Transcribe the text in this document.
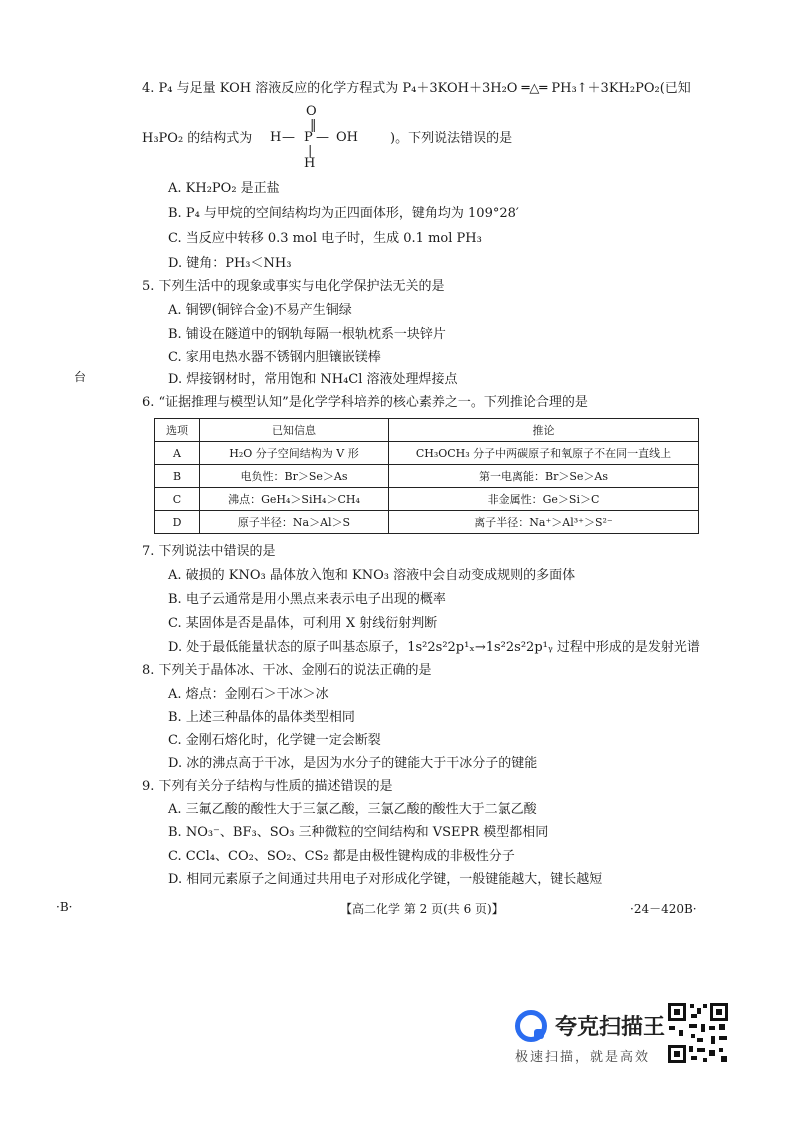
4. P₄ 与足量 KOH 溶液反应的化学方程式为 P₄＋3KOH＋3H₂O ═△═ PH₃↑＋3KH₂PO₂(已知
H₃PO₂ 的结构式为
O
‖
H — P — OH
|
H
)。下列说法错误的是
A. KH₂PO₂ 是正盐
B. P₄ 与甲烷的空间结构均为正四面体形，键角均为 109°28′
C. 当反应中转移 0.3 mol 电子时，生成 0.1 mol PH₃
D. 键角：PH₃＜NH₃
5. 下列生活中的现象或事实与电化学保护法无关的是
A. 铜锣(铜锌合金)不易产生铜绿
B. 铺设在隧道中的钢轨每隔一根轨枕系一块锌片
C. 家用电热水器不锈钢内胆镶嵌镁棒
D. 焊接钢材时，常用饱和 NH₄Cl 溶液处理焊接点
台
6. “证据推理与模型认知”是化学学科培养的核心素养之一。下列推论合理的是
选项	已知信息	推论
A	H₂O 分子空间结构为 V 形	CH₃OCH₃ 分子中两碳原子和氧原子不在同一直线上
B	电负性：Br＞Se＞As	第一电离能：Br＞Se＞As
C	沸点：GeH₄＞SiH₄＞CH₄	非金属性：Ge＞Si＞C
D	原子半径：Na＞Al＞S	离子半径：Na⁺＞Al³⁺＞S²⁻
7. 下列说法中错误的是
A. 破损的 KNO₃ 晶体放入饱和 KNO₃ 溶液中会自动变成规则的多面体
B. 电子云通常是用小黑点来表示电子出现的概率
C. 某固体是否是晶体，可利用 X 射线衍射判断
D. 处于最低能量状态的原子叫基态原子，1s²2s²2p¹ₓ→1s²2s²2p¹ᵧ 过程中形成的是发射光谱
8. 下列关于晶体冰、干冰、金刚石的说法正确的是
A. 熔点：金刚石＞干冰＞冰
B. 上述三种晶体的晶体类型相同
C. 金刚石熔化时，化学键一定会断裂
D. 冰的沸点高于干冰，是因为水分子的键能大于干冰分子的键能
9. 下列有关分子结构与性质的描述错误的是
A. 三氟乙酸的酸性大于三氯乙酸，三氯乙酸的酸性大于二氯乙酸
B. NO₃⁻、BF₃、SO₃ 三种微粒的空间结构和 VSEPR 模型都相同
C. CCl₄、CO₂、SO₂、CS₂ 都是由极性键构成的非极性分子
D. 相同元素原子之间通过共用电子对形成化学键，一般键能越大，键长越短
·B·	【高二化学 第 2 页(共 6 页)】	·24－420B·
夸克扫描王
极速扫描，就是高效
